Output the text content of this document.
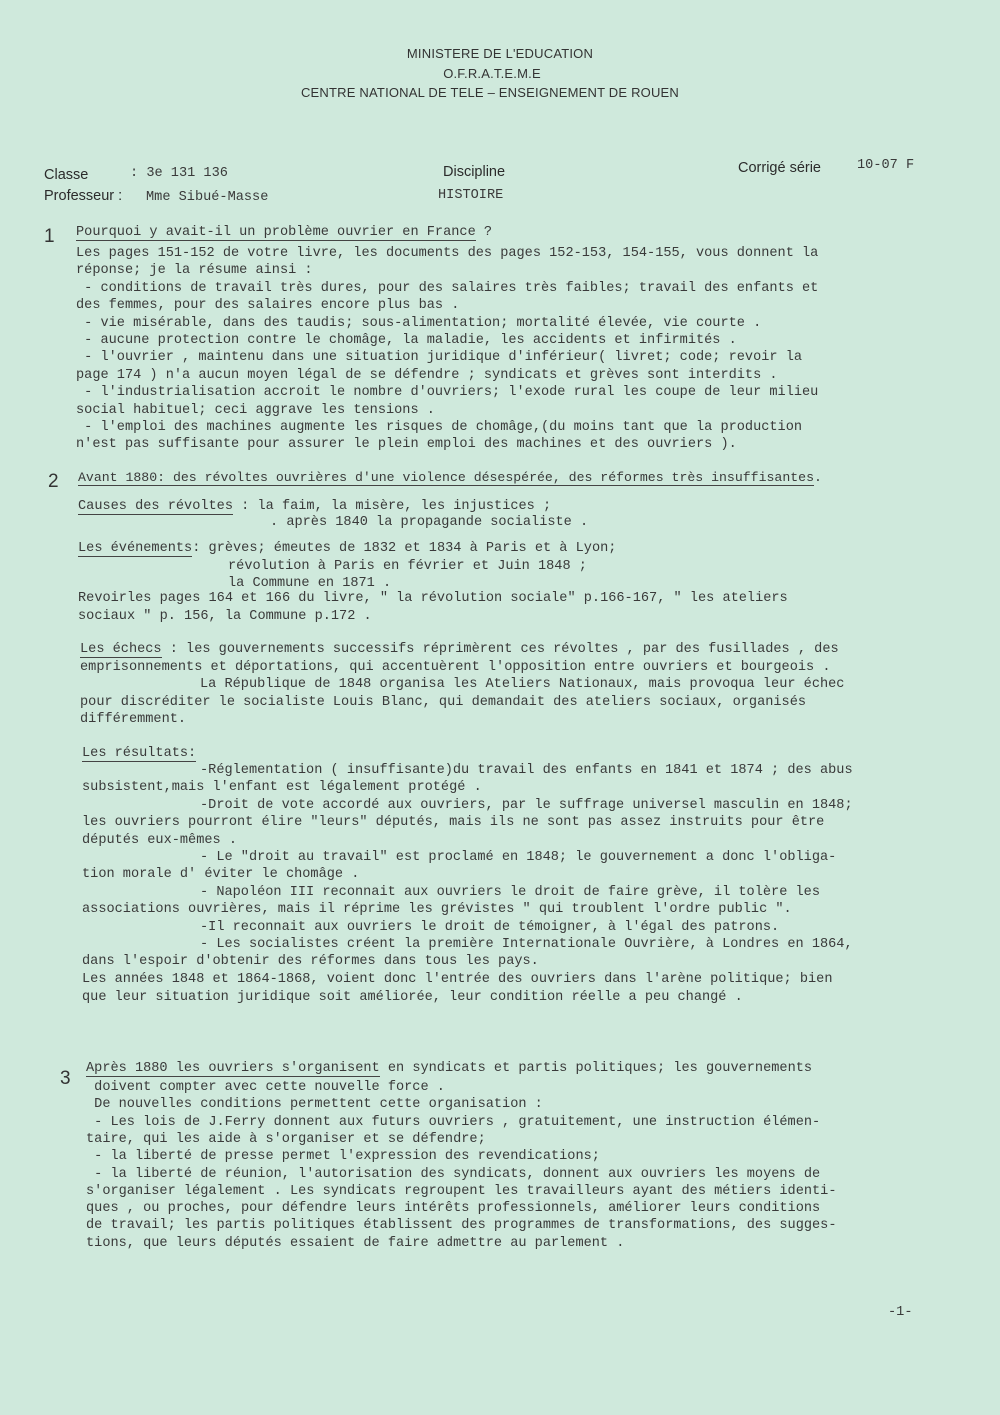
MINISTERE DE L'EDUCATION
O.F.R.A.T.E.M.E
CENTRE NATIONAL DE TELE – ENSEIGNEMENT DE ROUEN
Classe	: 3e 131 136
Professeur : Mme Sibué-Masse
Discipline
HISTOIRE
Corrigé série	10-07 F
1 Pourquoi y avait-il un problème ouvrier en France ?
Les pages 151-152 de votre livre, les documents des pages 152-153, 154-155, vous donnent la
réponse; je la résume ainsi :
- conditions de travail très dures, pour des salaires très faibles; travail des enfants et
des femmes, pour des salaires encore plus bas .
- vie misérable, dans des taudis; sous-alimentation; mortalité élevée, vie courte .
- aucune protection contre le chomâge, la maladie, les accidents et infirmités .
- l'ouvrier , maintenu dans une situation juridique d'inférieur( livret; code; revoir la
page 174 ) n'a aucun moyen légal de se défendre ; syndicats et grèves sont interdits .
- l'industrialisation accroit le nombre d'ouvriers; l'exode rural les coupe de leur milieu
social habituel; ceci aggrave les tensions .
- l'emploi des machines augmente les risques de chomâge,(du moins tant que la production
n'est pas suffisante pour assurer le plein emploi des machines et des ouvriers ).
2 Avant 1880: des révoltes ouvrières d'une violence désespérée, des réformes très insuffisantes.
Causes des révoltes : la faim, la misère, les injustices ;
. après 1840 la propagande socialiste .
Les événements: grèves; émeutes de 1832 et 1834 à Paris et à Lyon;
révolution à Paris en février et Juin 1848 ;
la Commune en 1871 .
Revoirles pages 164 et 166 du livre, " la révolution sociale" p.166-167, " les ateliers
sociaux " p. 156, la Commune p.172 .
Les échecs : les gouvernements successifs réprimèrent ces révoltes , par des fusillades , des
emprisonnements et déportations, qui accentuèrent l'opposition entre ouvriers et bourgeois .
La République de 1848 organisa les Ateliers Nationaux, mais provoqua leur échec
pour discréditer le socialiste Louis Blanc, qui demandait des ateliers sociaux, organisés
différemment.
Les résultats:
-Réglementation ( insuffisante)du travail des enfants en 1841 et 1874 ; des abus
subsistent,mais l'enfant est légalement protégé .
-Droit de vote accordé aux ouvriers, par le suffrage universel masculin en 1848;
les ouvriers pourront élire "leurs" députés, mais ils ne sont pas assez instruits pour être
députés eux-mêmes .
- Le "droit au travail" est proclamé en 1848; le gouvernement a donc l'obliga-
tion morale d' éviter le chomâge .
- Napoléon III reconnait aux ouvriers le droit de faire grève, il tolère les
associations ouvrières, mais il réprime les grévistes " qui troublent l'ordre public ".
-Il reconnait aux ouvriers le droit de témoigner, à l'égal des patrons.
- Les socialistes créent la première Internationale Ouvrière, à Londres en 1864,
dans l'espoir d'obtenir des réformes dans tous les pays.
Les années 1848 et 1864-1868, voient donc l'entrée des ouvriers dans l'arène politique; bien
que leur situation juridique soit améliorée, leur condition réelle a peu changé .
3 Après 1880 les ouvriers s'organisent en syndicats et partis politiques; les gouvernements
doivent compter avec cette nouvelle force .
De nouvelles conditions permettent cette organisation :
- Les lois de J.Ferry donnent aux futurs ouvriers , gratuitement, une instruction élémen-
taire, qui les aide à s'organiser et se défendre;
- la liberté de presse permet l'expression des revendications;
- la liberté de réunion, l'autorisation des syndicats, donnent aux ouvriers les moyens de
s'organiser légalement . Les syndicats regroupent les travailleurs ayant des métiers identi-
ques , ou proches, pour défendre leurs intérêts professionnels, améliorer leurs conditions
de travail; les partis politiques établissent des programmes de transformations, des sugges-
tions, que leurs députés essaient de faire admettre au parlement .
-1-
